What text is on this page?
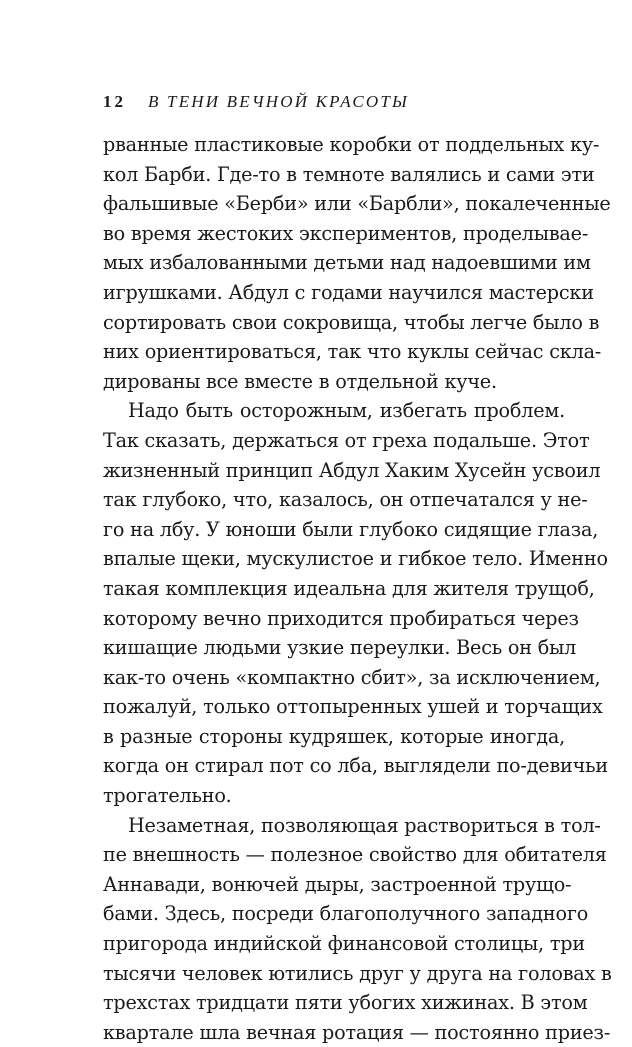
12 В ТЕНИ ВЕЧНОЙ КРАСОТЫ
рванные пластиковые коробки от поддельных ку-
кол Барби. Где-то в темноте валялись и сами эти
фальшивые «Берби» или «Барбли», покалеченные
во время жестоких экспериментов, проделывае-
мых избалованными детьми над надоевшими им
игрушками. Абдул с годами научился мастерски
сортировать свои сокровища, чтобы легче было в
них ориентироваться, так что куклы сейчас скла-
дированы все вместе в отдельной куче.
Надо быть осторожным, избегать проблем.
Так сказать, держаться от греха подальше. Этот
жизненный принцип Абдул Хаким Хусейн усвоил
так глубоко, что, казалось, он отпечатался у не-
го на лбу. У юноши были глубоко сидящие глаза,
впалые щеки, мускулистое и гибкое тело. Именно
такая комплекция идеальна для жителя трущоб,
которому вечно приходится пробираться через
кишащие людьми узкие переулки. Весь он был
как-то очень «компактно сбит», за исключением,
пожалуй, только оттопыренных ушей и торчащих
в разные стороны кудряшек, которые иногда,
когда он стирал пот со лба, выглядели по-девичьи
трогательно.
Незаметная, позволяющая раствориться в тол-
пе внешность — полезное свойство для обитателя
Аннавади, вонючей дыры, застроенной трущо-
бами. Здесь, посреди благополучного западного
пригорода индийской финансовой столицы, три
тысячи человек ютились друг у друга на головах в
трехстах тридцати пяти убогих хижинах. В этом
квартале шла вечная ротация — постоянно приез-
